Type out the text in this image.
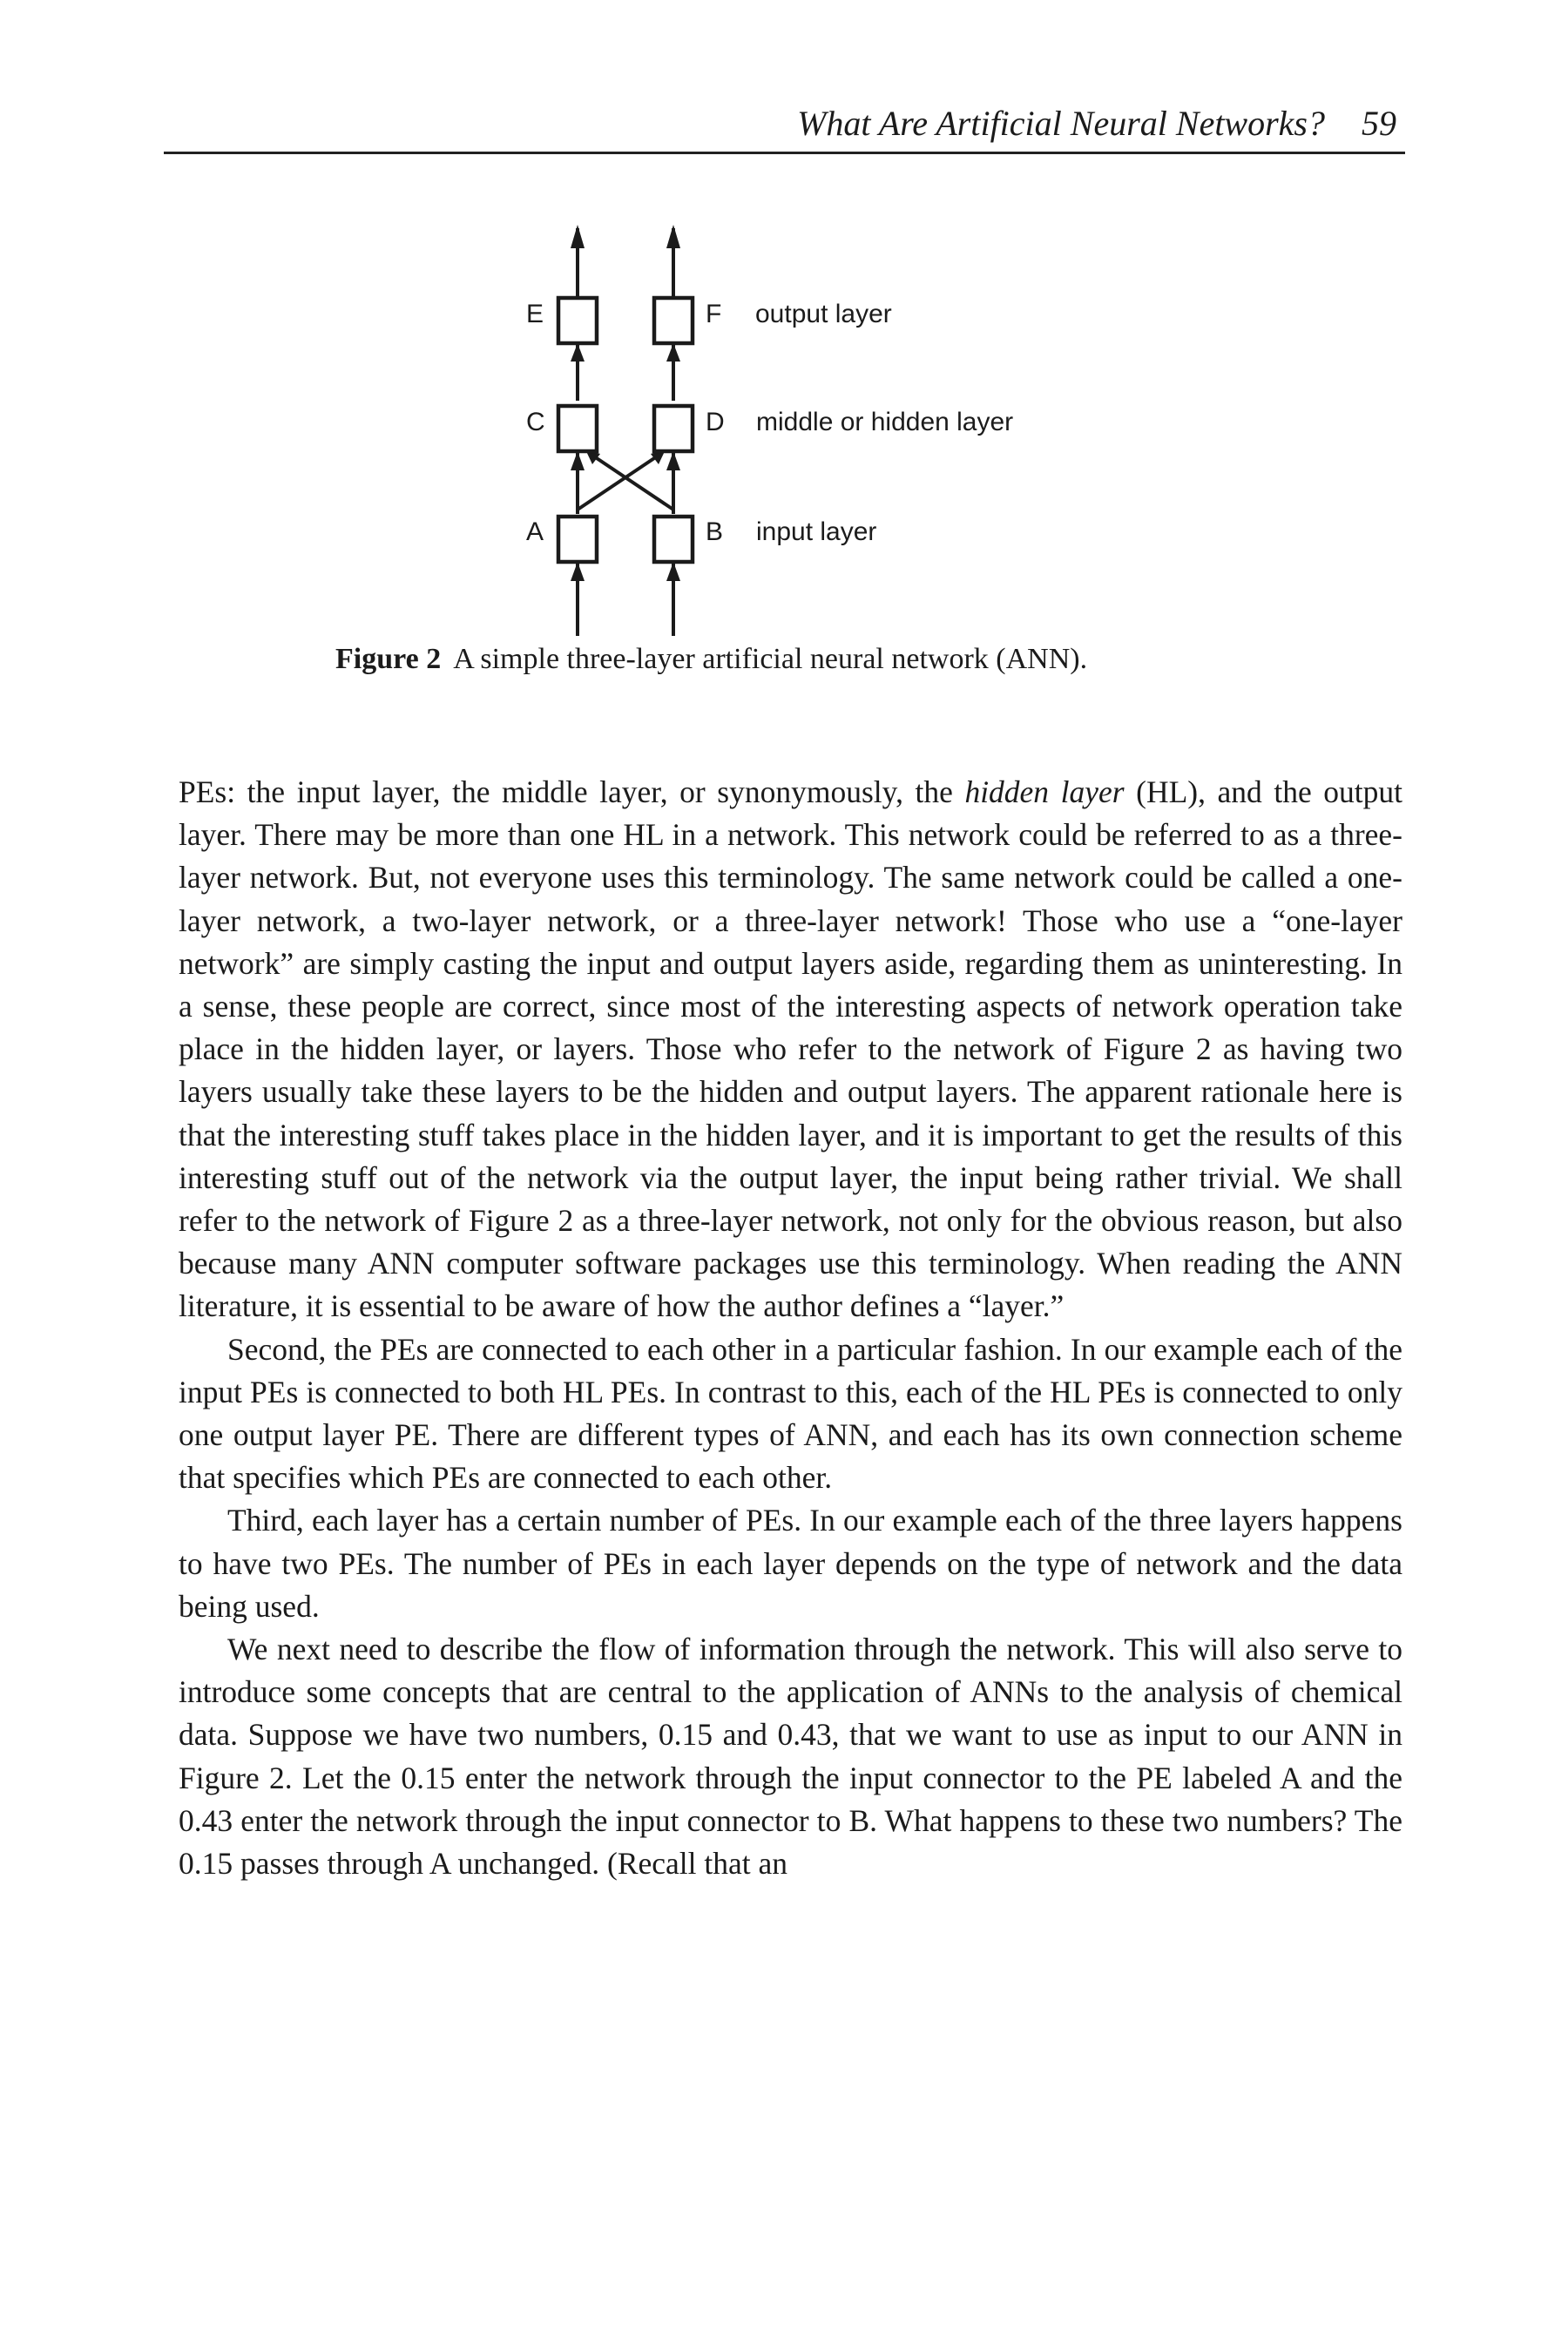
What Are Artificial Neural Networks? 59
E	F
C	D
A	B
output layer
middle or hidden layer
input layer
Figure 2 A simple three-layer artificial neural network (ANN).

PEs: the input layer, the middle layer, or synonymously, the hidden layer (HL), and the output layer. There may be more than one HL in a network. This network could be referred to as a three-layer network. But, not everyone uses this terminology. The same network could be called a one-layer network, a two-layer network, or a three-layer network! Those who use a “one-layer network” are simply casting the input and output layers aside, regarding them as uninteresting. In a sense, these people are correct, since most of the interesting aspects of network operation take place in the hidden layer, or layers. Those who refer to the network of Figure 2 as having two layers usually take these layers to be the hidden and output layers. The apparent rationale here is that the interesting stuff takes place in the hidden layer, and it is important to get the results of this interesting stuff out of the network via the output layer, the input being rather trivial. We shall refer to the network of Figure 2 as a three-layer network, not only for the obvious reason, but also because many ANN computer software packages use this terminology. When reading the ANN literature, it is essential to be aware of how the author defines a “layer.”

Second, the PEs are connected to each other in a particular fashion. In our example each of the input PEs is connected to both HL PEs. In contrast to this, each of the HL PEs is connected to only one output layer PE. There are different types of ANN, and each has its own connection scheme that specifies which PEs are connected to each other.

Third, each layer has a certain number of PEs. In our example each of the three layers happens to have two PEs. The number of PEs in each layer depends on the type of network and the data being used.

We next need to describe the flow of information through the network. This will also serve to introduce some concepts that are central to the application of ANNs to the analysis of chemical data. Suppose we have two numbers, 0.15 and 0.43, that we want to use as input to our ANN in Figure 2. Let the 0.15 enter the network through the input connector to the PE labeled A and the 0.43 enter the network through the input connector to B. What happens to these two numbers? The 0.15 passes through A unchanged. (Recall that an
